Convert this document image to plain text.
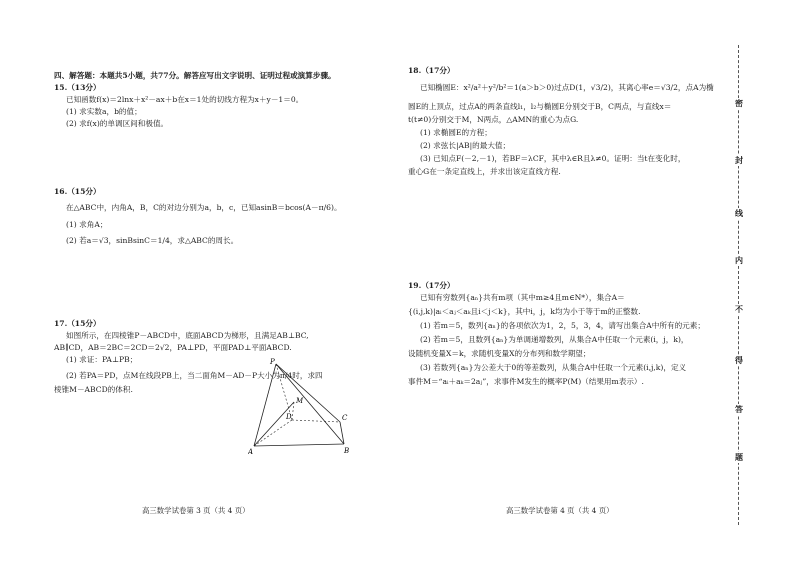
四、解答题：本题共5小题，共77分。解答应写出文字说明、证明过程或演算步骤。
15.（13分）
已知函数f(x)＝2lnx＋x²－ax＋b在x＝1处的切线方程为x＋y－1＝0。
(1) 求实数a，b的值；
(2) 求f(x)的单调区间和极值。
16.（15分）
在△ABC中，内角A，B，C的对边分别为a，b，c，已知asinB＝bcos(A－π/6)。
(1) 求角A；
(2) 若a＝√3，sinBsinC＝1/4，求△ABC的周长。
17.（15分）
如图所示，在四棱锥P－ABCD中，底面ABCD为梯形，且满足AB⊥BC,
AB∥CD，AB＝2BC＝2CD＝2√2，PA⊥PD，平面PAD⊥平面ABCD.
(1) 求证：PA⊥PB；
(2) 若PA＝PD，点M在线段PB上，当二面角M－AD－P大小为π/4时，求四
棱锥M－ABCD的体积.
P
M
D	C
A	B
高三数学试卷第 3 页（共 4 页）
18.（17分）
已知椭圆E：x²/a²＋y²/b²＝1(a＞b＞0)过点D(1，√3/2)，其离心率e＝√3/2，点A为椭
圆E的上顶点，过点A的两条直线l₁，l₂与椭圆E分别交于B，C两点，与直线x＝
t(t≠0)分别交于M，N两点，△AMN的重心为点G.
(1) 求椭圆E的方程；
(2) 求弦长|AB|的最大值；
(3) 已知点F(－2,－1)，若BF＝λCF，其中λ∈R且λ≠0。证明：当t在变化时，
重心G在一条定直线上，并求出该定直线方程.
19.（17分）
已知有穷数列{aₙ}共有m项（其中m≥4且m∈N*），集合A＝
{(i,j,k)|aᵢ＜aⱼ＜aₖ且i＜j＜k}，其中i，j，k均为小于等于m的正整数.
(1) 若m＝5，数列{aₙ}的各项依次为1，2，5，3，4，请写出集合A中所有的元素；
(2) 若m＝5，且数列{aₙ}为单调递增数列，从集合A中任取一个元素(i，j，k)，
设随机变量X＝k，求随机变量X的分布列和数学期望；
(3) 若数列{aₙ}为公差大于0的等差数列，从集合A中任取一个元素(i,j,k)，定义
事件M＝“aᵢ＋aₖ＝2aⱼ”，求事件M发生的概率P(M)（结果用m表示）.
高三数学试卷第 4 页（共 4 页）
密
封
线
内
不
得
答
题
